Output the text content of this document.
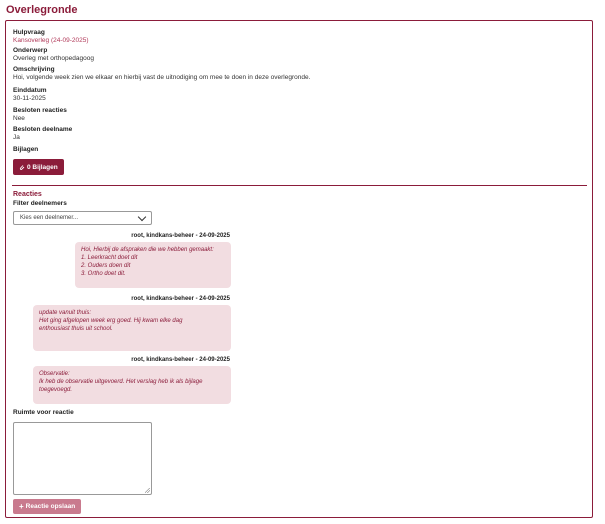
Overlegronde
Hulpvraag
Kansoverleg (24-09-2025)
Onderwerp
Overleg met orthopedagoog
Omschrijving
Hoi, volgende week zien we elkaar en hierbij vast de uitnodiging om mee te doen in deze overlegronde.
Einddatum
30-11-2025
Besloten reacties
Nee
Besloten deelname
Ja
Bijlagen
0 Bijlagen
Reacties
Filter deelnemers
Kies een deelnemer...
root, kindkans-beheer - 24-09-2025
Hoi, Hierbij de afspraken die we hebben gemaakt:
1. Leerkracht doet dit
2. Ouders doen dit
3. Ortho doet dit.
root, kindkans-beheer - 24-09-2025
update vanuit thuis:
Het ging afgelopen week erg goed. Hij kwam elke dag
enthousiast thuis uit school.
root, kindkans-beheer - 24-09-2025
Observatie:
Ik heb de observatie uitgevoerd. Het verslag heb ik als bijlage
toegevoegd.
Ruimte voor reactie
+ Reactie opslaan
